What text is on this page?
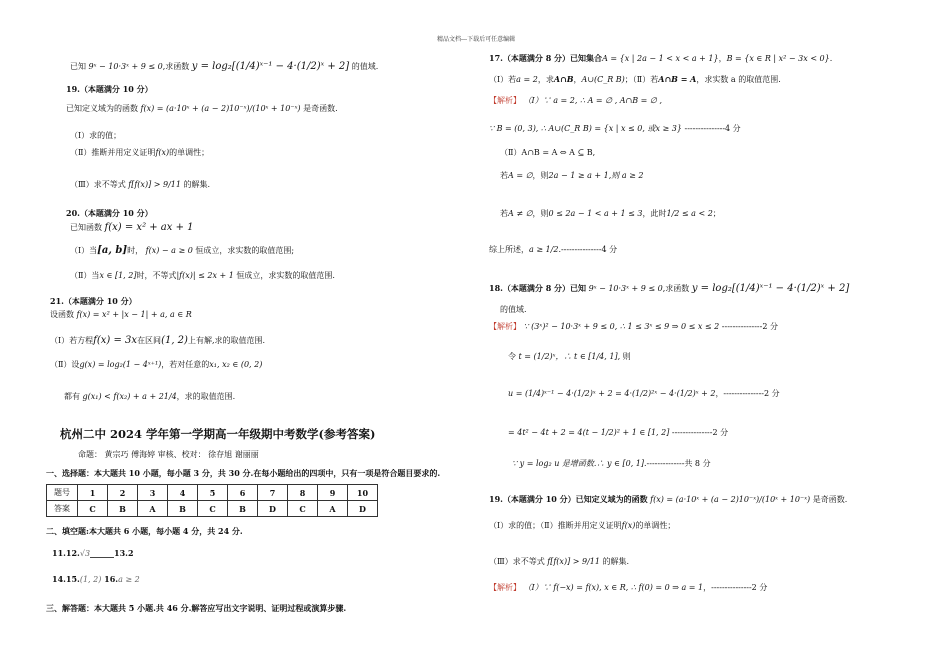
精品文档---下载后可任意编辑
已知 9ˣ − 10·3ˣ + 9 ≤ 0,求函数 y = log₂[(1/4)ˣ⁻¹ − 4·(1/2)ˣ + 2] 的值域.
19.（本题满分 10 分）
已知定义域为的函数 f(x) = (a·10ˣ + (a − 2)10⁻ˣ)/(10ˣ + 10⁻ˣ) 是奇函数.
（Ⅰ）求的值；
（Ⅱ）推断并用定义证明f(x)的单调性；
（Ⅲ）求不等式 f[f(x)] > 9/11 的解集.
20.（本题满分 10 分）
已知函数 f(x) = x² + ax + 1
（Ⅰ）当[a, b]时， f(x) − a ≥ 0 恒成立，求实数的取值范围;
（Ⅱ）当x ∈ [1, 2]时，不等式|f(x)| ≤ 2x + 1 恒成立，求实数的取值范围.
21.（本题满分 10 分）
设函数 f(x) = x² + |x − 1| + a, a ∈ R
（Ⅰ）若方程f(x) = 3x在区间(1, 2)上有解,求的取值范围.
（Ⅱ）设g(x) = log₂(1 − 4ˣ⁺¹)，若对任意的x₁, x₂ ∈ (0, 2)
都有 g(x₁) < f(x₂) + a + 21/4，求的取值范围.
杭州二中 2024 学年第一学期高一年级期中考数学(参考答案)
命题： 黄宗巧 傅海婷 审核、校对： 徐存旭 谢丽丽
一、选择题：本大题共 10 小题，每小题 3 分，共 30 分.在每小题给出的四项中，只有一项是符合题目要求的.
题号	1	2	3	4	5	6	7	8	9	10
答案	C	B	A	B	C	B	D	C	A	D
二、填空题:本大题共 6 小题，每小题 4 分，共 24 分.
11.12.√3______13.2
14.15.(1, 2) 16.a ≥ 2
三、解答题：本大题共 5 小题.共 46 分.解答应写出文字说明、证明过程或演算步骤.
17.（本题满分 8 分）已知集合A = {x | 2a − 1 < x < a + 1}，B = {x ∈ R | x² − 3x < 0}.
（Ⅰ）若a = 2，求A∩B，A∪(C_R B)；（Ⅱ）若A∩B = A，求实数 a 的取值范围.
【解析】 （Ⅰ）∵ a = 2, ∴ A = ∅ , A∩B = ∅ ,
∵ B = (0, 3), ∴ A∪(C_R B) = {x | x ≤ 0, 或x ≥ 3} ---------------4 分
（Ⅱ）A∩B = A ⇔ A ⊆ B,
若A = ∅，则2a − 1 ≥ a + 1,则 a ≥ 2
若A ≠ ∅，则0 ≤ 2a − 1 < a + 1 ≤ 3，此时1/2 ≤ a < 2；
综上所述，a ≥ 1/2.---------------4 分
18.（本题满分 8 分）已知 9ˣ − 10·3ˣ + 9 ≤ 0,求函数 y = log₂[(1/4)ˣ⁻¹ − 4·(1/2)ˣ + 2]
的值域.
【解析】 ∵ (3ˣ)² − 10·3ˣ + 9 ≤ 0, ∴ 1 ≤ 3ˣ ≤ 9 ⇒ 0 ≤ x ≤ 2 ---------------2 分
令 t = (1/2)ˣ，∴ t ∈ [1/4, 1], 则
u = (1/4)ˣ⁻¹ − 4·(1/2)ˣ + 2 = 4·(1/2)²ˣ − 4·(1/2)ˣ + 2，---------------2 分
= 4t² − 4t + 2 = 4(t − 1/2)² + 1 ∈ [1, 2] ---------------2 分
∵ y = log₂ u 是增函数.∴ y ∈ [0, 1].--------------共 8 分
19.（本题满分 10 分）已知定义域为的函数 f(x) = (a·10ˣ + (a − 2)10⁻ˣ)/(10ˣ + 10⁻ˣ) 是奇函数.
（Ⅰ）求的值；（Ⅱ）推断并用定义证明f(x)的单调性；
（Ⅲ）求不等式 f[f(x)] > 9/11 的解集.
【解析】 （Ⅰ）∵ f(−x) = f(x), x ∈ R, ∴ f(0) = 0 ⇒ a = 1，---------------2 分
